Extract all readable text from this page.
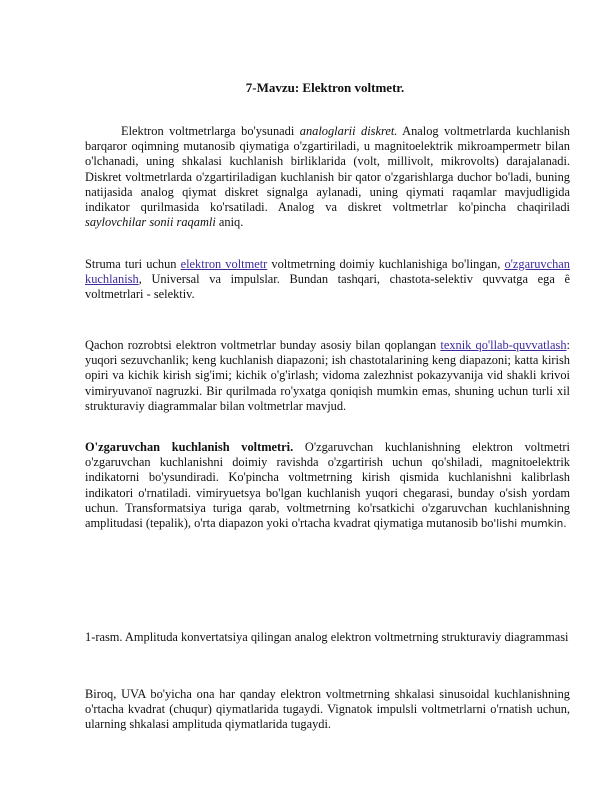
7-Mavzu: Elektron voltmetr.

Elektron voltmetrlarga bo'ysunadi analoglarii diskret. Analog voltmetrlarda kuchlanish barqaror oqimning mutanosib qiymatiga o'zgartiriladi, u magnitoelektrik mikroampermetr bilan o'lchanadi, uning shkalasi kuchlanish birliklarida (volt, millivolt, mikrovolts) darajalanadi. Diskret voltmetrlarda o'zgartiriladigan kuchlanish bir qator o'zgarishlarga duchor bo'ladi, buning natijasida analog qiymat diskret signalga aylanadi, uning qiymati raqamlar mavjudligida indikator qurilmasida ko'rsatiladi. Analog va diskret voltmetrlar ko'pincha chaqiriladi saylovchilar sonii raqamli aniq.

Struma turi uchun elektron voltmetr voltmetrning doimiy kuchlanishiga bo'lingan, o'zgaruvchan kuchlanish, Universal va impulslar. Bundan tashqari, chastota-selektiv quvvatga ega ê voltmetrlari - selektiv.

Qachon rozrobtsi elektron voltmetrlar bunday asosiy bilan qoplangan texnik qo'llab-quvvatlash: yuqori sezuvchanlik; keng kuchlanish diapazoni; ish chastotalarining keng diapazoni; katta kirish opiri va kichik kirish sig'imi; kichik o'g'irlash; vidoma zalezhnist pokazyvanija vid shakli krivoi vimiryuvanoï nagruzki. Bir qurilmada ro'yxatga qoniqish mumkin emas, shuning uchun turli xil strukturaviy diagrammalar bilan voltmetrlar mavjud.

O'zgaruvchan kuchlanish voltmetri. O'zgaruvchan kuchlanishning elektron voltmetri o'zgaruvchan kuchlanishni doimiy ravishda o'zgartirish uchun qo'shiladi, magnitoelektrik indikatorni bo'ysundiradi. Ko'pincha voltmetrning kirish qismida kuchlanishni kalibrlash indikatori o'rnatiladi. vimiryuetsya bo'lgan kuchlanish yuqori chegarasi, bunday o'sish yordam uchun. Transformatsiya turiga qarab, voltmetrning ko'rsatkichi o'zgaruvchan kuchlanishning amplitudasi (tepalik), o'rta diapazon yoki o'rtacha kvadrat qiymatiga mutanosib bo'lishi mumkin.

1-rasm. Amplituda konvertatsiya qilingan analog elektron voltmetrning strukturaviy diagrammasi

Biroq, UVA bo'yicha ona har qanday elektron voltmetrning shkalasi sinusoidal kuchlanishning o'rtacha kvadrat (chuqur) qiymatlarida tugaydi. Vignatok impulsli voltmetrlarni o'rnatish uchun, ularning shkalasi amplituda qiymatlarida tugaydi.
